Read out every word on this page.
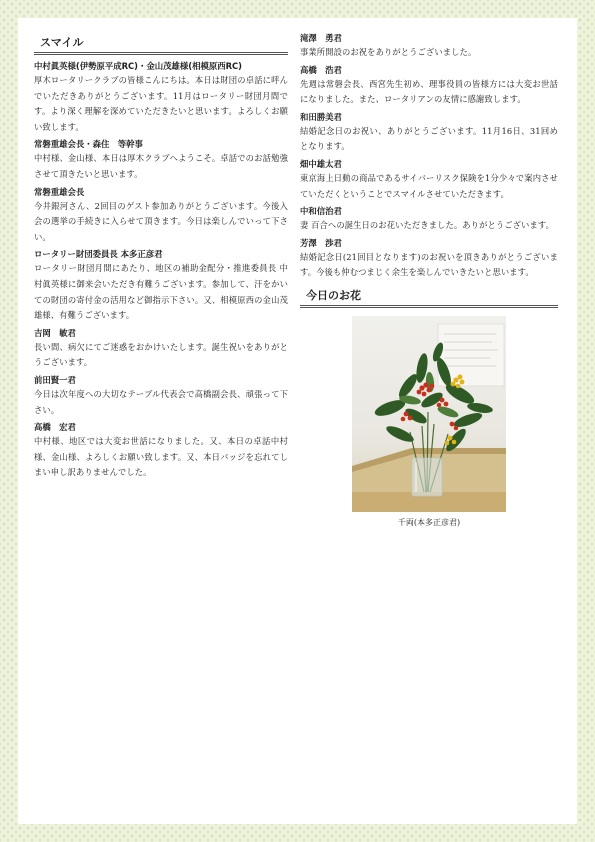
スマイル
中村眞英様(伊勢原平成RC)・金山茂雄様(相模原西RC)
厚木ロータリークラブの皆様こんにちは。本日は財団の卓話に呼んでいただきありがとうございます。11月はロータリー財団月間です。より深く理解を深めていただきたいと思います。よろしくお願い致します。
常磐重雄会長・森住　等幹事
中村様、金山様、本日は厚木クラブへようこそ。卓話でのお話勉強させて頂きたいと思います。
常磐重雄会長
今井銀河さん、2回目のゲスト参加ありがとうございます。今後入会の選挙の手続きに入らせて頂きます。今日は楽しんでいって下さい。
ロータリー財団委員長 本多正彦君
ロータリー財団月間にあたり、地区の補助金配分・推進委員長 中村眞英様に御来会いただき有難うございます。参加して、汗をかいての財団の寄付金の活用など御指示下さい。又、相模原西の金山茂雄様、有難うございます。
吉岡　敏君
長い間、病欠にてご迷惑をおかけいたします。誕生祝いをありがとうございます。
前田賢一君
今日は次年度への大切なテーブル代表会で高橋副会長、頑張って下さい。
高橋　宏君
中村様、地区では大変お世話になりました。又、本日の卓話中村様、金山様、よろしくお願い致します。又、本日バッジを忘れてしまい申し訳ありませんでした。
滝澤　勇君
事業所開設のお祝をありがとうございました。
高橋　浩君
先週は常磐会長、西宮先生初め、理事役員の皆様方には大変お世話になりました。また、ロータリアンの友情に感謝致します。
和田勝美君
結婚記念日のお祝い、ありがとうございます。11月16日、31回めとなります。
畑中雄太君
東京海上日動の商品であるサイバーリスク保険を1分少々で案内させていただくということでスマイルさせていただきます。
中和信治君
妻 百合への誕生日のお花いただきました。ありがとうございます。
芳澤　渉君
結婚記念日(21回目となります)のお祝いを頂きありがとうございます。今後も仲むつまじく余生を楽しんでいきたいと思います。
今日のお花
千両(本多正彦君)
